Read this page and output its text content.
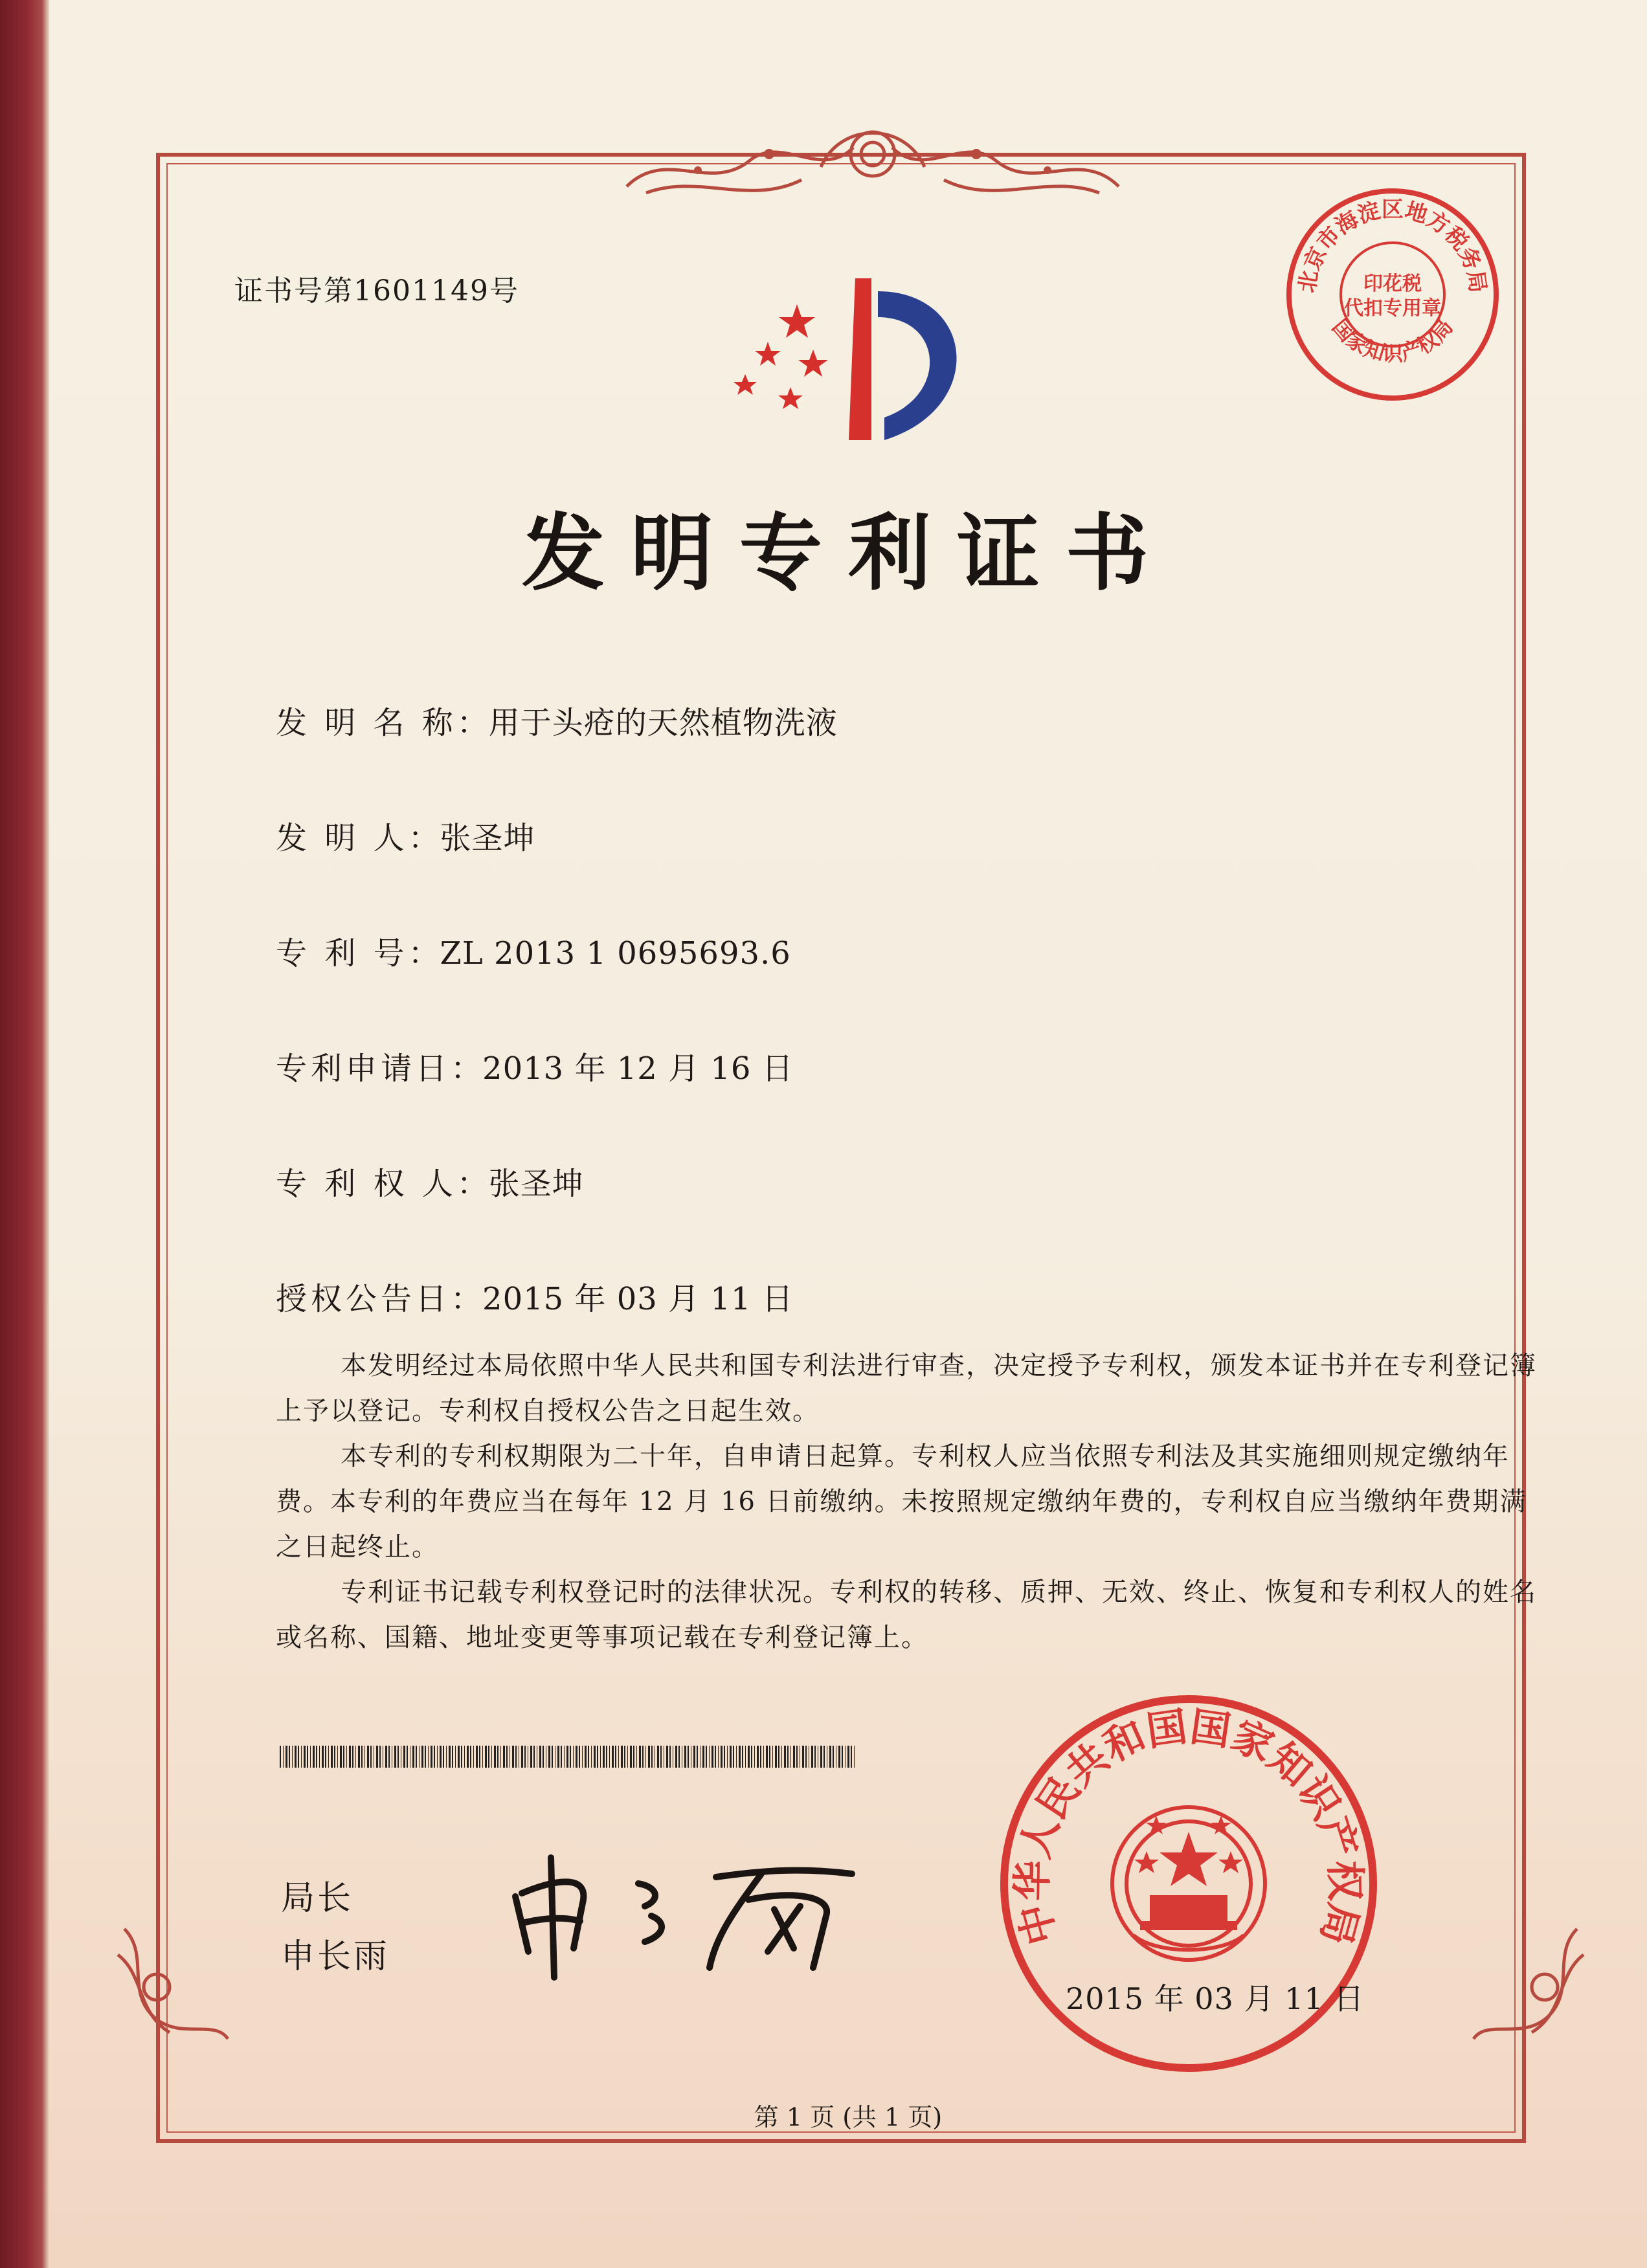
北京市海淀区地方税务局
国家知识产权局
印花税
代扣专用章
证书号第1601149号
发明专利证书
发 明 名 称：用于头疮的天然植物洗液
发 明 人：张圣坤
专 利 号：ZL 2013 1 0695693.6
专利申请日：2013 年 12 月 16 日
专 利 权 人：张圣坤
授权公告日：2015 年 03 月 11 日
本发明经过本局依照中华人民共和国专利法进行审查，决定授予专利权，颁发本证书并在专利登记簿上予以登记。专利权自授权公告之日起生效。
本专利的专利权期限为二十年，自申请日起算。专利权人应当依照专利法及其实施细则规定缴纳年费。本专利的年费应当在每年 12 月 16 日前缴纳。未按照规定缴纳年费的，专利权自应当缴纳年费期满之日起终止。
专利证书记载专利权登记时的法律状况。专利权的转移、质押、无效、终止、恢复和专利权人的姓名或名称、国籍、地址变更等事项记载在专利登记簿上。
局长
申长雨
中华人民共和国国家知识产权局
2015 年 03 月 11 日
第 1 页 (共 1 页)
